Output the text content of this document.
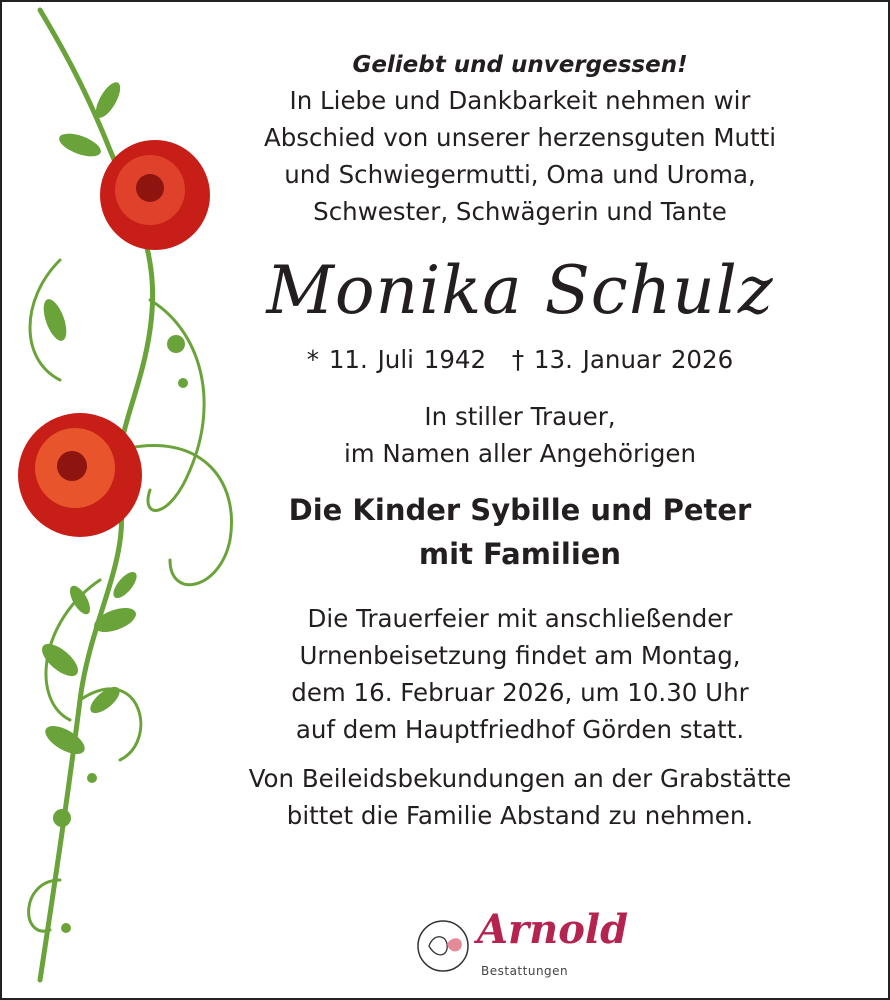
Geliebt und unvergessen!
In Liebe und Dankbarkeit nehmen wir
Abschied von unserer herzensguten Mutti
und Schwiegermutti, Oma und Uroma,
Schwester, Schwägerin und Tante
Monika Schulz
* 11. Juli 1942 † 13. Januar 2026
In stiller Trauer,
im Namen aller Angehörigen
Die Kinder Sybille und Peter
mit Familien
Die Trauerfeier mit anschließender
Urnenbeisetzung findet am Montag,
dem 16. Februar 2026, um 10.30 Uhr
auf dem Hauptfriedhof Görden statt.
Von Beileidsbekundungen an der Grabstätte
bittet die Familie Abstand zu nehmen.
Arnold
Bestattungen
